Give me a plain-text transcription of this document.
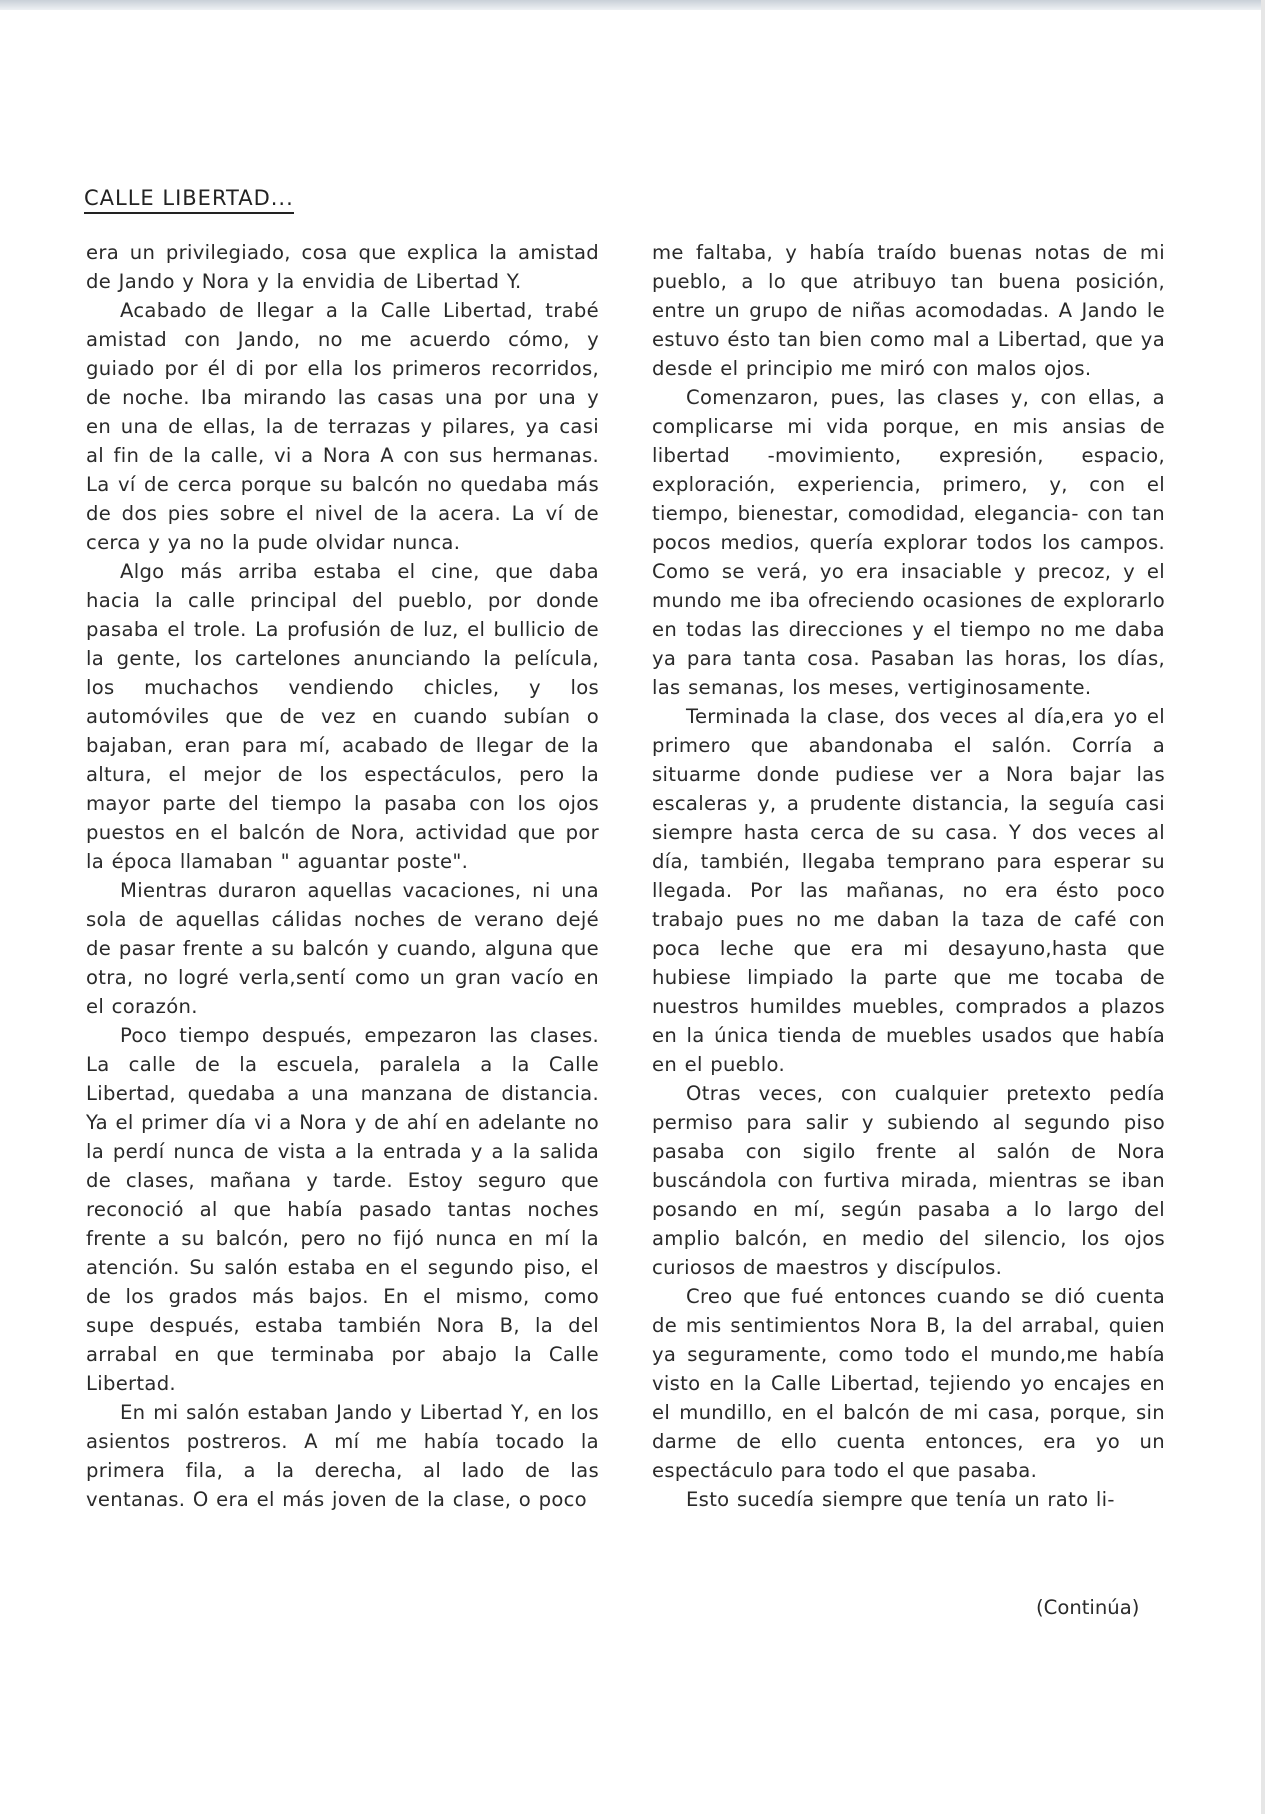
CALLE LIBERTAD...

era un privilegiado, cosa que explica la amistad de Jando y Nora y la envidia de Libertad Y.

Acabado de llegar a la Calle Libertad, trabé amistad con Jando, no me acuerdo cómo, y guiado por él di por ella los primeros recorridos, de noche. Iba mirando las casas una por una y en una de ellas, la de terrazas y pilares, ya casi al fin de la calle, vi a Nora A con sus hermanas. La ví de cerca porque su balcón no quedaba más de dos pies sobre el nivel de la acera. La ví de cerca y ya no la pude olvidar nunca.

Algo más arriba estaba el cine, que daba hacia la calle principal del pueblo, por donde pasaba el trole. La profusión de luz, el bullicio de la gente, los cartelones anunciando la película, los muchachos vendiendo chicles, y los automóviles que de vez en cuando subían o bajaban, eran para mí, acabado de llegar de la altura, el mejor de los espectáculos, pero la mayor parte del tiempo la pasaba con los ojos puestos en el balcón de Nora, actividad que por la época llamaban " aguantar poste".

Mientras duraron aquellas vacaciones, ni una sola de aquellas cálidas noches de verano dejé de pasar frente a su balcón y cuando, alguna que otra, no logré verla,sentí como un gran vacío en el corazón.

Poco tiempo después, empezaron las clases. La calle de la escuela, paralela a la Calle Libertad, quedaba a una manzana de distancia. Ya el primer día vi a Nora y de ahí en adelante no la perdí nunca de vista a la entrada y a la salida de clases, mañana y tarde. Estoy seguro que reconoció al que había pasado tantas noches frente a su balcón, pero no fijó nunca en mí la atención. Su salón estaba en el segundo piso, el de los grados más bajos. En el mismo, como supe después, estaba también Nora B, la del arrabal en que terminaba por abajo la Calle Libertad.

En mi salón estaban Jando y Libertad Y, en los asientos postreros. A mí me había tocado la primera fila, a la derecha, al lado de las ventanas. O era el más joven de la clase, o poco

me faltaba, y había traído buenas notas de mi pueblo, a lo que atribuyo tan buena posición, entre un grupo de niñas acomodadas. A Jando le estuvo ésto tan bien como mal a Libertad, que ya desde el principio me miró con malos ojos.

Comenzaron, pues, las clases y, con ellas, a complicarse mi vida porque, en mis ansias de libertad -movimiento, expresión, espacio, exploración, experiencia, primero, y, con el tiempo, bienestar, comodidad, elegancia- con tan pocos medios, quería explorar todos los campos. Como se verá, yo era insaciable y precoz, y el mundo me iba ofreciendo ocasiones de explorarlo en todas las direcciones y el tiempo no me daba ya para tanta cosa. Pasaban las horas, los días, las semanas, los meses, vertiginosamente.

Terminada la clase, dos veces al día,era yo el primero que abandonaba el salón. Corría a situarme donde pudiese ver a Nora bajar las escaleras y, a prudente distancia, la seguía casi siempre hasta cerca de su casa. Y dos veces al día, también, llegaba temprano para esperar su llegada. Por las mañanas, no era ésto poco trabajo pues no me daban la taza de café con poca leche que era mi desayuno,hasta que hubiese limpiado la parte que me tocaba de nuestros humildes muebles, comprados a plazos en la única tienda de muebles usados que había en el pueblo.

Otras veces, con cualquier pretexto pedía permiso para salir y subiendo al segundo piso pasaba con sigilo frente al salón de Nora buscándola con furtiva mirada, mientras se iban posando en mí, según pasaba a lo largo del amplio balcón, en medio del silencio, los ojos curiosos de maestros y discípulos.

Creo que fué entonces cuando se dió cuenta de mis sentimientos Nora B, la del arrabal, quien ya seguramente, como todo el mundo,me había visto en la Calle Libertad, tejiendo yo encajes en el mundillo, en el balcón de mi casa, porque, sin darme de ello cuenta entonces, era yo un espectáculo para todo el que pasaba.

Esto sucedía siempre que tenía un rato li-

(Continúa)
